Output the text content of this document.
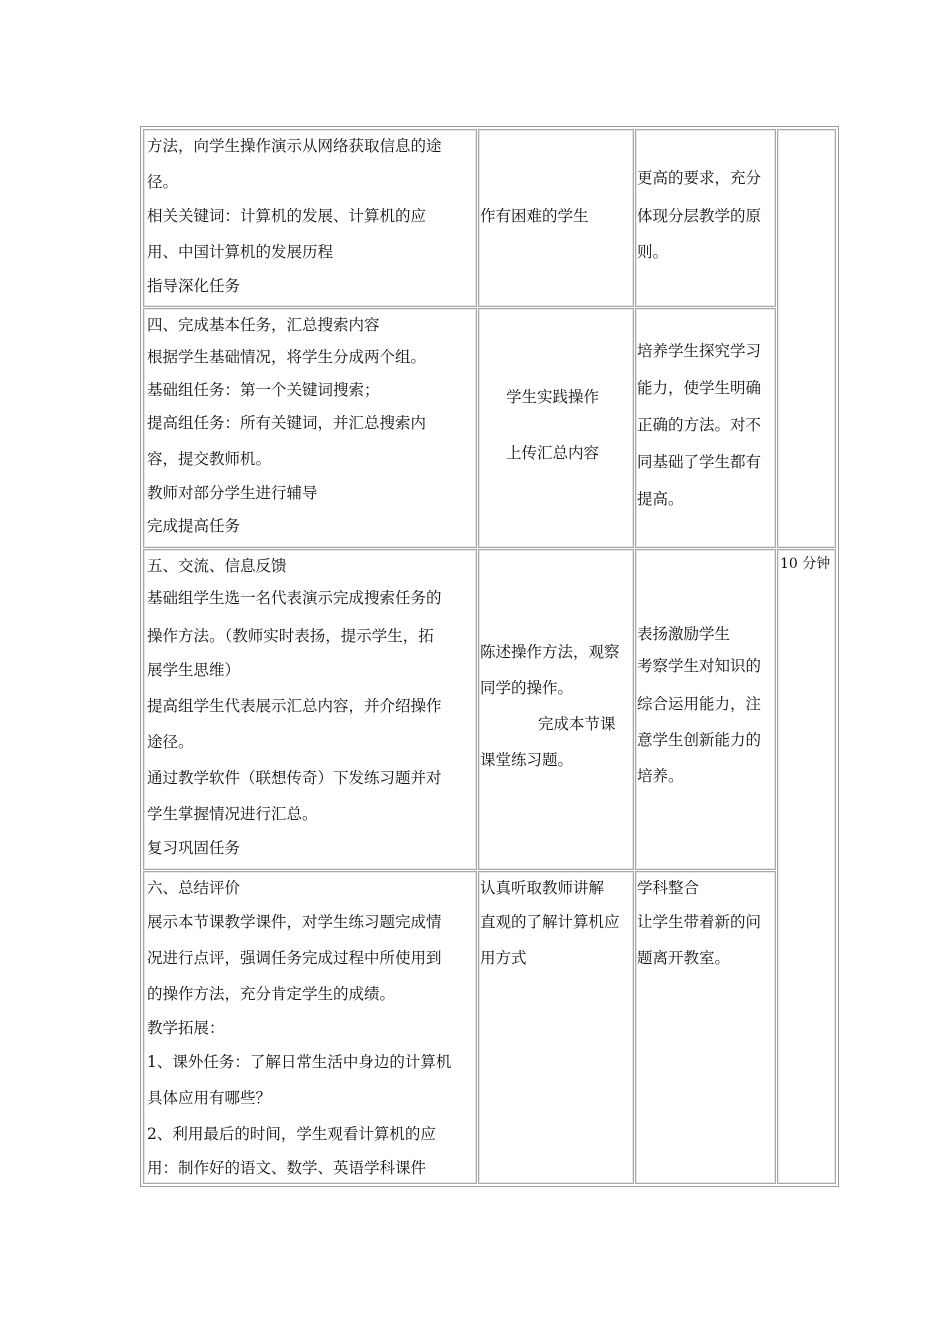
方法，向学生操作演示从网络获取信息的途
径。
相关关键词：计算机的发展、计算机的应
用、中国计算机的发展历程
指导深化任务
作有困难的学生
更高的要求，充分
体现分层教学的原
则。
四、完成基本任务，汇总搜索内容
根据学生基础情况，将学生分成两个组。
基础组任务：第一个关键词搜索；
提高组任务：所有关键词，并汇总搜索内
容，提交教师机。
教师对部分学生进行辅导
完成提高任务
学生实践操作
上传汇总内容
培养学生探究学习
能力，使学生明确
正确的方法。对不
同基础了学生都有
提高。
五、交流、信息反馈
基础组学生选一名代表演示完成搜索任务的
操作方法。（教师实时表扬，提示学生，拓
展学生思维）
提高组学生代表展示汇总内容，并介绍操作
途径。
通过教学软件（联想传奇）下发练习题并对
学生掌握情况进行汇总。
复习巩固任务
陈述操作方法，观察
同学的操作。
完成本节课
课堂练习题。
表扬激励学生
考察学生对知识的
综合运用能力，注
意学生创新能力的
培养。
10 分钟
六、总结评价
展示本节课教学课件，对学生练习题完成情
况进行点评，强调任务完成过程中所使用到
的操作方法，充分肯定学生的成绩。
教学拓展：
1、课外任务：了解日常生活中身边的计算机
具体应用有哪些？
2、利用最后的时间，学生观看计算机的应
用：制作好的语文、数学、英语学科课件
认真听取教师讲解
直观的了解计算机应
用方式
学科整合
让学生带着新的问
题离开教室。
